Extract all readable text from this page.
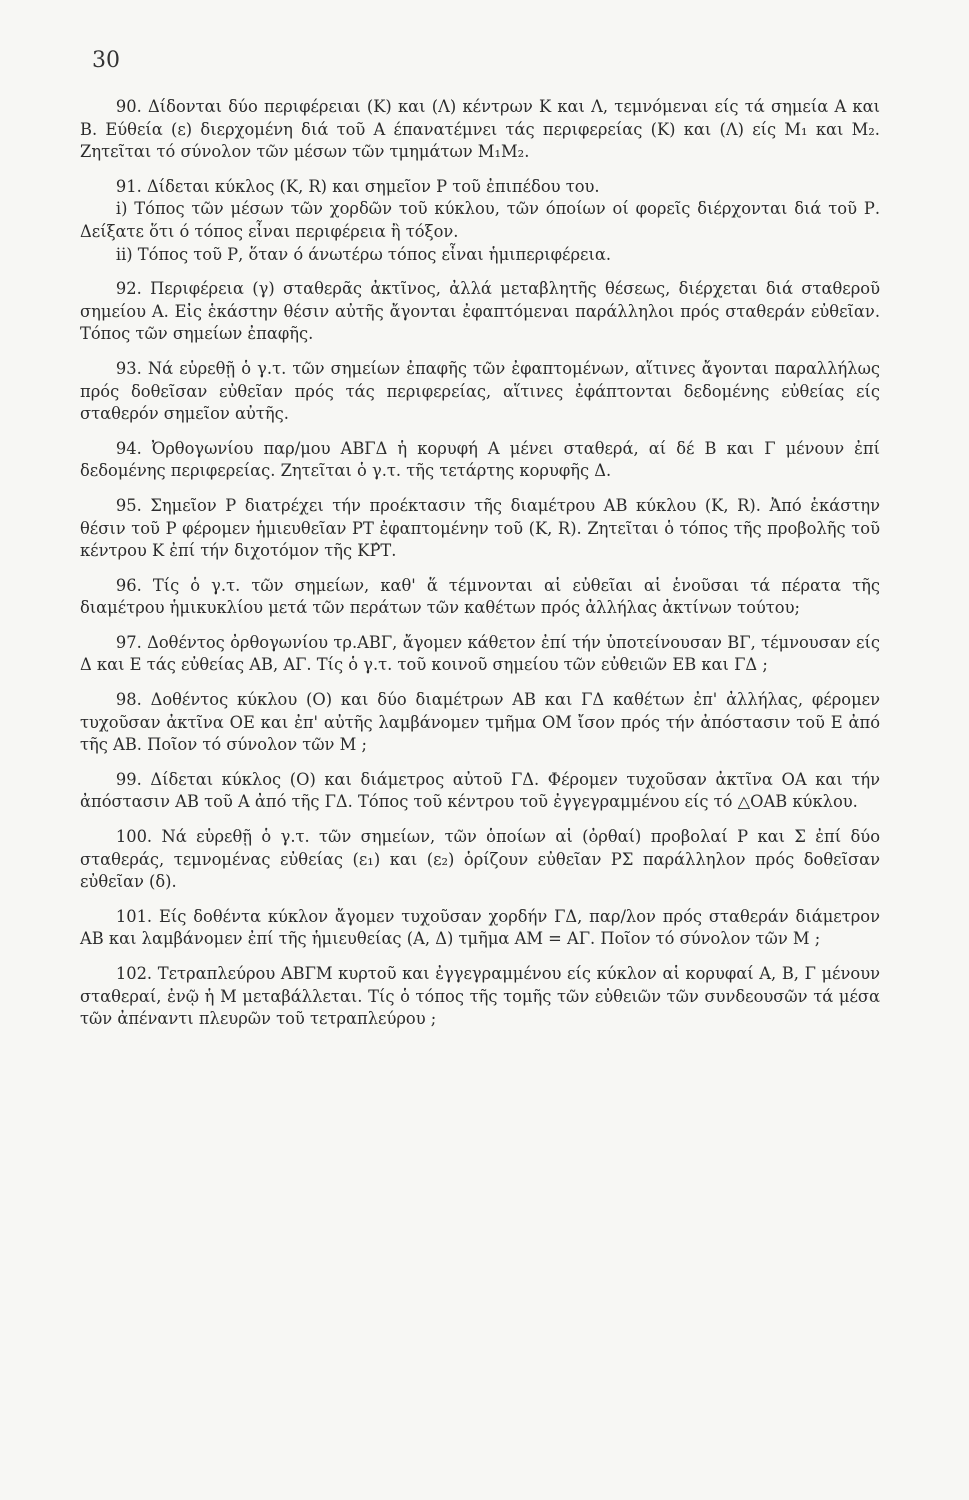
30

90. Δίδονται δύο περιφέρειαι (Κ) και (Λ) κέντρων Κ και Λ, τεμνόμεναι είς τά σημεία Α και Β. Εύθεία (ε) διερχομένη διά τοῦ Α έπανατέμνει τάς περιφερείας (Κ) και (Λ) είς Μ₁ και Μ₂. Ζητεῖται τό σύνολον τῶν μέσων τῶν τμημάτων Μ₁Μ₂.

91. Δίδεται κύκλος (Κ, R) και σημεῖον Ρ τοῦ ἐπιπέδου του.

i) Τόπος τῶν μέσων τῶν χορδῶν τοῦ κύκλου, τῶν όποίων οί φορεῖς διέρχονται διά τοῦ Ρ. Δείξατε ὅτι ό τόπος εἶναι περιφέρεια ἢ τόξον.

ii) Τόπος τοῦ Ρ, ὅταν ό άνωτέρω τόπος εἶναι ἡμιπεριφέρεια.

92. Περιφέρεια (γ) σταθερᾶς ἀκτῖνος, ἀλλά μεταβλητῆς θέσεως, διέρχεται διά σταθεροῦ σημείου Α. Εἰς ἑκάστην θέσιν αὐτῆς ἄγονται ἐφαπτόμεναι παράλληλοι πρός σταθεράν εὐθεῖαν. Τόπος τῶν σημείων ἐπαφῆς.

93. Νά εὑρεθῇ ὁ γ.τ. τῶν σημείων ἐπαφῆς τῶν ἐφαπτομένων, αἵτινες ἄγονται παραλλήλως πρός δοθεῖσαν εὐθεῖαν πρός τάς περιφερείας, αἵτινες ἐφάπτονται δεδομένης εὐθείας είς σταθερόν σημεῖον αὐτῆς.

94. Ὀρθογωνίου παρ/μου ΑΒΓΔ ἡ κορυφή Α μένει σταθερά, αί δέ Β και Γ μένουν ἐπί δεδομένης περιφερείας. Ζητεῖται ὁ γ.τ. τῆς τετάρτης κορυφῆς Δ.

95. Σημεῖον Ρ διατρέχει τήν προέκτασιν τῆς διαμέτρου ΑΒ κύκλου (Κ, R). Ἀπό ἑκάστην θέσιν τοῦ Ρ φέρομεν ἡμιευθεῖαν ΡΤ ἐφαπτομένην τοῦ (Κ, R). Ζητεῖται ὁ τόπος τῆς προβολῆς τοῦ κέντρου Κ ἐπί τήν διχοτόμον τῆς ΚΡ̂Τ.

96. Τίς ὁ γ.τ. τῶν σημείων, καθ' ἅ τέμνονται αἱ εὐθεῖαι αἱ ἑνοῦσαι τά πέρατα τῆς διαμέτρου ἡμικυκλίου μετά τῶν περάτων τῶν καθέτων πρός ἀλλήλας ἀκτίνων τούτου;

97. Δοθέντος ὀρθογωνίου τρ.ΑΒΓ, ἄγομεν κάθετον ἐπί τήν ὑποτείνουσαν ΒΓ, τέμνουσαν είς Δ και Ε τάς εὐθείας ΑΒ, ΑΓ. Τίς ὁ γ.τ. τοῦ κοινοῦ σημείου τῶν εὐθειῶν ΕΒ και ΓΔ ;

98. Δοθέντος κύκλου (Ο) και δύο διαμέτρων ΑΒ και ΓΔ καθέτων ἐπ' ἀλλήλας, φέρομεν τυχοῦσαν ἀκτῖνα ΟΕ και ἐπ' αὐτῆς λαμβάνομεν τμῆμα ΟΜ ἴσον πρός τήν ἀπόστασιν τοῦ Ε ἀπό τῆς ΑΒ. Ποῖον τό σύνολον τῶν Μ ;

99. Δίδεται κύκλος (Ο) και διάμετρος αὐτοῦ ΓΔ. Φέρομεν τυχοῦσαν ἀκτῖνα ΟΑ και τήν ἀπόστασιν ΑΒ τοῦ Α ἀπό τῆς ΓΔ. Τόπος τοῦ κέντρου τοῦ ἐγγεγραμμένου είς τό △ΟΑΒ κύκλου.

100. Νά εὑρεθῇ ὁ γ.τ. τῶν σημείων, τῶν ὁποίων αἱ (ὀρθαί) προβολαί Ρ και Σ ἐπί δύο σταθεράς, τεμνομένας εὐθείας (ε₁) και (ε₂) ὁρίζουν εὐθεῖαν ΡΣ παράλληλον πρός δοθεῖσαν εὐθεῖαν (δ).

101. Είς δοθέντα κύκλον ἄγομεν τυχοῦσαν χορδήν ΓΔ, παρ/λον πρός σταθεράν διάμετρον ΑΒ και λαμβάνομεν ἐπί τῆς ἡμιευθείας (Α, Δ) τμῆμα ΑΜ = ΑΓ. Ποῖον τό σύνολον τῶν Μ ;

102. Τετραπλεύρου ΑΒΓΜ κυρτοῦ και ἐγγεγραμμένου είς κύκλον αἱ κορυφαί Α, Β, Γ μένουν σταθεραί, ἐνῷ ἡ Μ μεταβάλλεται. Τίς ὁ τόπος τῆς τομῆς τῶν εὐθειῶν τῶν συνδεουσῶν τά μέσα τῶν ἀπέναντι πλευρῶν τοῦ τετραπλεύρου ;
